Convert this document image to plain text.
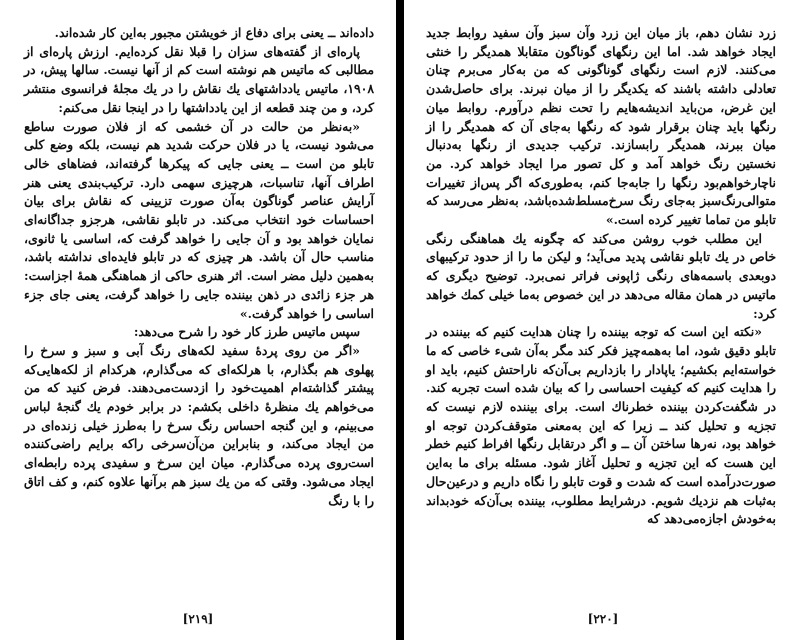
داده‌اند ــ یعنی برای دفاع از خویشتن مجبور به‌این کار شده‌اند.

پاره‌ای از گفته‌های سزان را قبلا نقل کرده‌ایم. ارزش پاره‌ای از مطالبی که ماتیس هم نوشته است کم از آنها نیست. سالها پیش، در ۱۹۰۸، ماتیس یادداشتهای یك نقاش را در یك مجلهٔ فرانسوی منتشر کرد، و من چند قطعه از این یادداشتها را در اینجا نقل می‌کنم:

«به‌نظر من حالت در آن خشمی که از فلان صورت ساطع می‌شود نیست، یا در فلان حرکت شدید هم نیست، بلکه وضع کلی تابلو من است ــ یعنی جایی که پیکرها گرفته‌اند، فضاهای خالی اطراف آنها، تناسبات، هرچیزی سهمی دارد. ترکیب‌بندی یعنی هنر آرایش عناصر گوناگون به‌آن صورت تزیینی که نقاش برای بیان احساسات خود انتخاب می‌کند. در تابلو نقاشی، هرجزو جداگانه‌ای نمایان خواهد بود و آن جایی را خواهد گرفت که، اساسی یا ثانوی، مناسب حال آن باشد. هر چیزی که در تابلو فایده‌ای نداشته باشد، به‌همین دلیل مضر است. اثر هنری حاکی از هماهنگی همهٔ اجزاست: هر جزء زائدی در ذهن بیننده جایی را خواهد گرفت، یعنی جای جزء اساسی را خواهد گرفت.»

سپس ماتیس طرز کار خود را شرح می‌دهد:

«اگر من روی پردهٔ سفید لکه‌های رنگ آبی و سبز و سرخ را پهلوی هم بگذارم، با هرلکه‌ای که می‌گذارم، هرکدام از لکه‌هایی‌که پیشتر گذاشته‌ام اهمیت‌خود را ازدست‌می‌دهند. فرض کنید که من می‌خواهم یك منظرهٔ داخلی بکشم: در برابر خودم یك گنجهٔ لباس می‌بینم، و این گنجه احساس رنگ سرخ را به‌طرز خیلی زنده‌ای در من ایجاد می‌کند، و بنابراین من‌آن‌سرخی‌ راکه برایم راضی‌کننده است‌روی پرده می‌گذارم. میان این سرخ و سفیدی پرده رابطه‌ای ایجاد می‌شود. وقتی که من یك سبز هم برآنها علاوه کنم، و کف اتاق را با رنگ

[۲۱۹]

زرد نشان دهم، باز میان این زرد وآن سبز وآن سفید روابط جدید ایجاد خواهد شد. اما این رنگهای گوناگون متقابلا همدیگر را خنثی می‌کنند. لازم است رنگهای گوناگونی که من به‌کار می‌برم چنان تعادلی داشته باشند که یکدیگر را از میان نبرند. برای حاصل‌شدن این غرض، من‌باید اندیشه‌هایم را تحت نظم درآورم. روابط میان رنگها باید چنان برقرار شود که رنگها به‌جای آن که همدیگر را از میان ببرند، همدیگر رابسازند. ترکیب جدیدی از رنگها به‌دنبال نخستین رنگ خواهد آمد و کل تصور مرا ایجاد خواهد کرد. من ناچارخواهم‌بود رنگها را جابه‌جا کنم، به‌طوری‌که اگر پس‌از تغییرات متوالی‌رنگ‌سبز به‌جای رنگ سرخ‌مسلط‌شده‌باشد، به‌نظر می‌رسد که تابلو من تماما تغییر کرده است.»

این مطلب خوب روشن می‌کند که چگونه یك هماهنگی رنگی خاص در یك تابلو نقاشی پدید می‌آید؛ و لیکن ما را از حدود ترکیبهای دوبعدی باسمه‌های رنگی ژاپونی فراتر نمی‌برد. توضیح دیگری که ماتیس در همان مقاله می‌دهد در این خصوص به‌ما خیلی کمك خواهد کرد:

«نکته این است که توجه بیننده را چنان هدایت کنیم که بیننده در تابلو دقیق شود، اما به‌همه‌چیز فکر کند مگر به‌آن شیء خاصی که ما خواسته‌ایم بکشیم؛ یاپادار را بازداریم بی‌آن‌که ناراحتش کنیم، باید او را هدایت کنیم که کیفیت احساسی را که بیان شده است تجربه کند. در شگفت‌کردن بیننده خطرناك است. برای بیننده لازم نیست که تجزیه و تحلیل کند ــ زیرا که این به‌معنی متوقف‌کردن توجه او خواهد بود، نه‌رها ساختن آن ــ و اگر درتقابل رنگها افراط کنیم خطر این هست که این تجزیه و تحلیل آغاز شود. مسئله برای ما به‌این صورت‌درآمده است که شدت و قوت تابلو را نگاه داریم و درعین‌حال به‌ثبات هم نزدیك شویم. درشرایط مطلوب، بیننده بی‌آن‌که خودبداند به‌خودش اجازه‌می‌دهد که

[۲۲۰]
